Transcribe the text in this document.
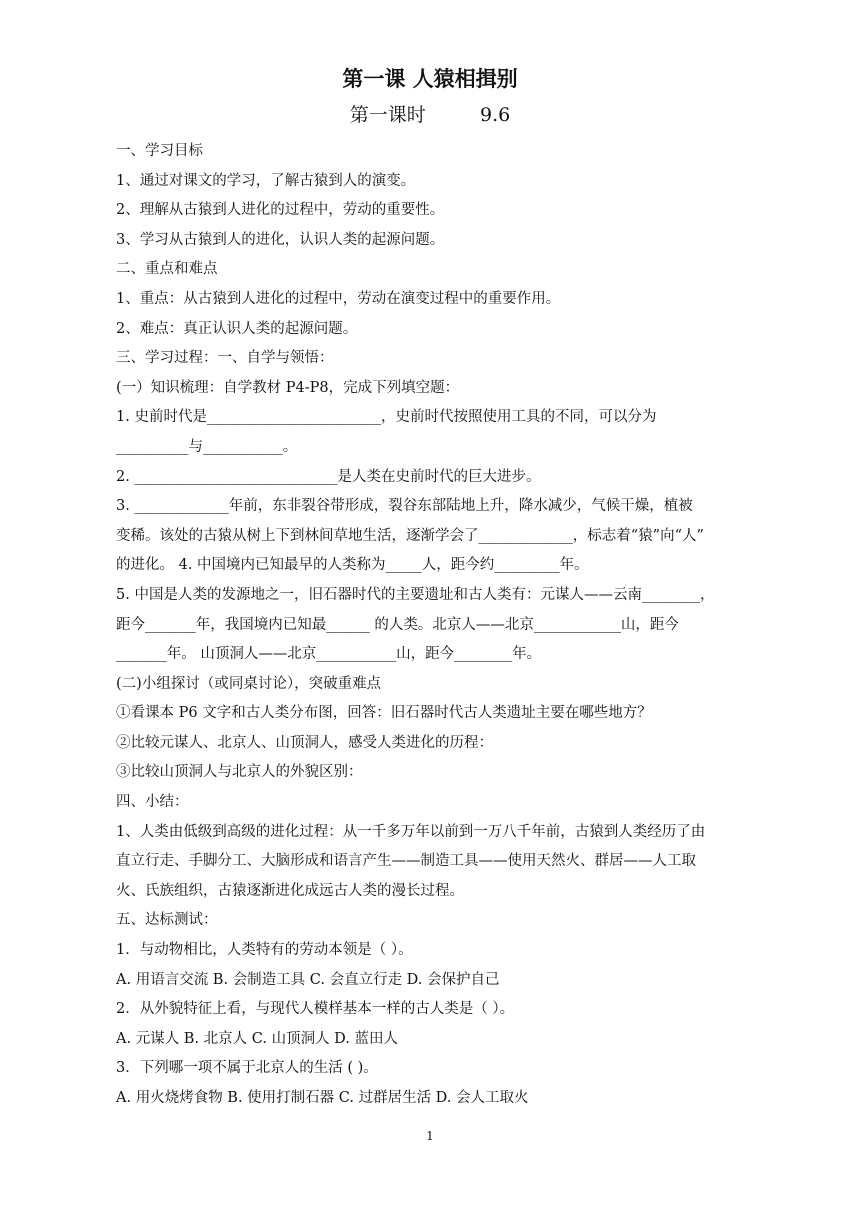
第一课 人猿相揖别
第一课时         9.6
一、学习目标
1、通过对课文的学习，了解古猿到人的演变。
2、理解从古猿到人进化的过程中，劳动的重要性。
3、学习从古猿到人的进化，认识人类的起源问题。
二、重点和难点
1、重点：从古猿到人进化的过程中，劳动在演变过程中的重要作用。
2、难点：真正认识人类的起源问题。
三、学习过程：一、自学与领悟：
(一）知识梳理：自学教材 P4-P8，完成下列填空题：
1. 史前时代是________________________，史前时代按照使用工具的不同，可以分为
__________与___________。
2. ____________________________是人类在史前时代的巨大进步。
3. _____________年前，东非裂谷带形成，裂谷东部陆地上升，降水减少，气候干燥，植被
变稀。该处的古猿从树上下到林间草地生活，逐渐学会了_____________，标志着“猿”向“人”
的进化。 4. 中国境内已知最早的人类称为_____人，距今约_________年。
5. 中国是人类的发源地之一，旧石器时代的主要遗址和古人类有：元谋人——云南________，
距今_______年，我国境内已知最______ 的人类。北京人——北京____________山，距今
_______年。 山顶洞人——北京___________山，距今________年。
(二)小组探讨（或同桌讨论），突破重难点
①看课本 P6 文字和古人类分布图，回答：旧石器时代古人类遗址主要在哪些地方？
②比较元谋人、北京人、山顶洞人，感受人类进化的历程：
③比较山顶洞人与北京人的外貌区别：
四、小结：
1、人类由低级到高级的进化过程：从一千多万年以前到一万八千年前，古猿到人类经历了由
直立行走、手脚分工、大脑形成和语言产生——制造工具——使用天然火、群居——人工取
火、氏族组织，古猿逐渐进化成远古人类的漫长过程。
五、达标测试：
1．与动物相比，人类特有的劳动本领是（ ）。
A. 用语言交流 B. 会制造工具 C. 会直立行走 D. 会保护自己
2．从外貌特征上看，与现代人模样基本一样的古人类是（ ）。
A. 元谋人 B. 北京人 C. 山顶洞人 D. 蓝田人
3．下列哪一项不属于北京人的生活 ( )。
A. 用火烧烤食物 B. 使用打制石器 C. 过群居生活 D. 会人工取火
1
